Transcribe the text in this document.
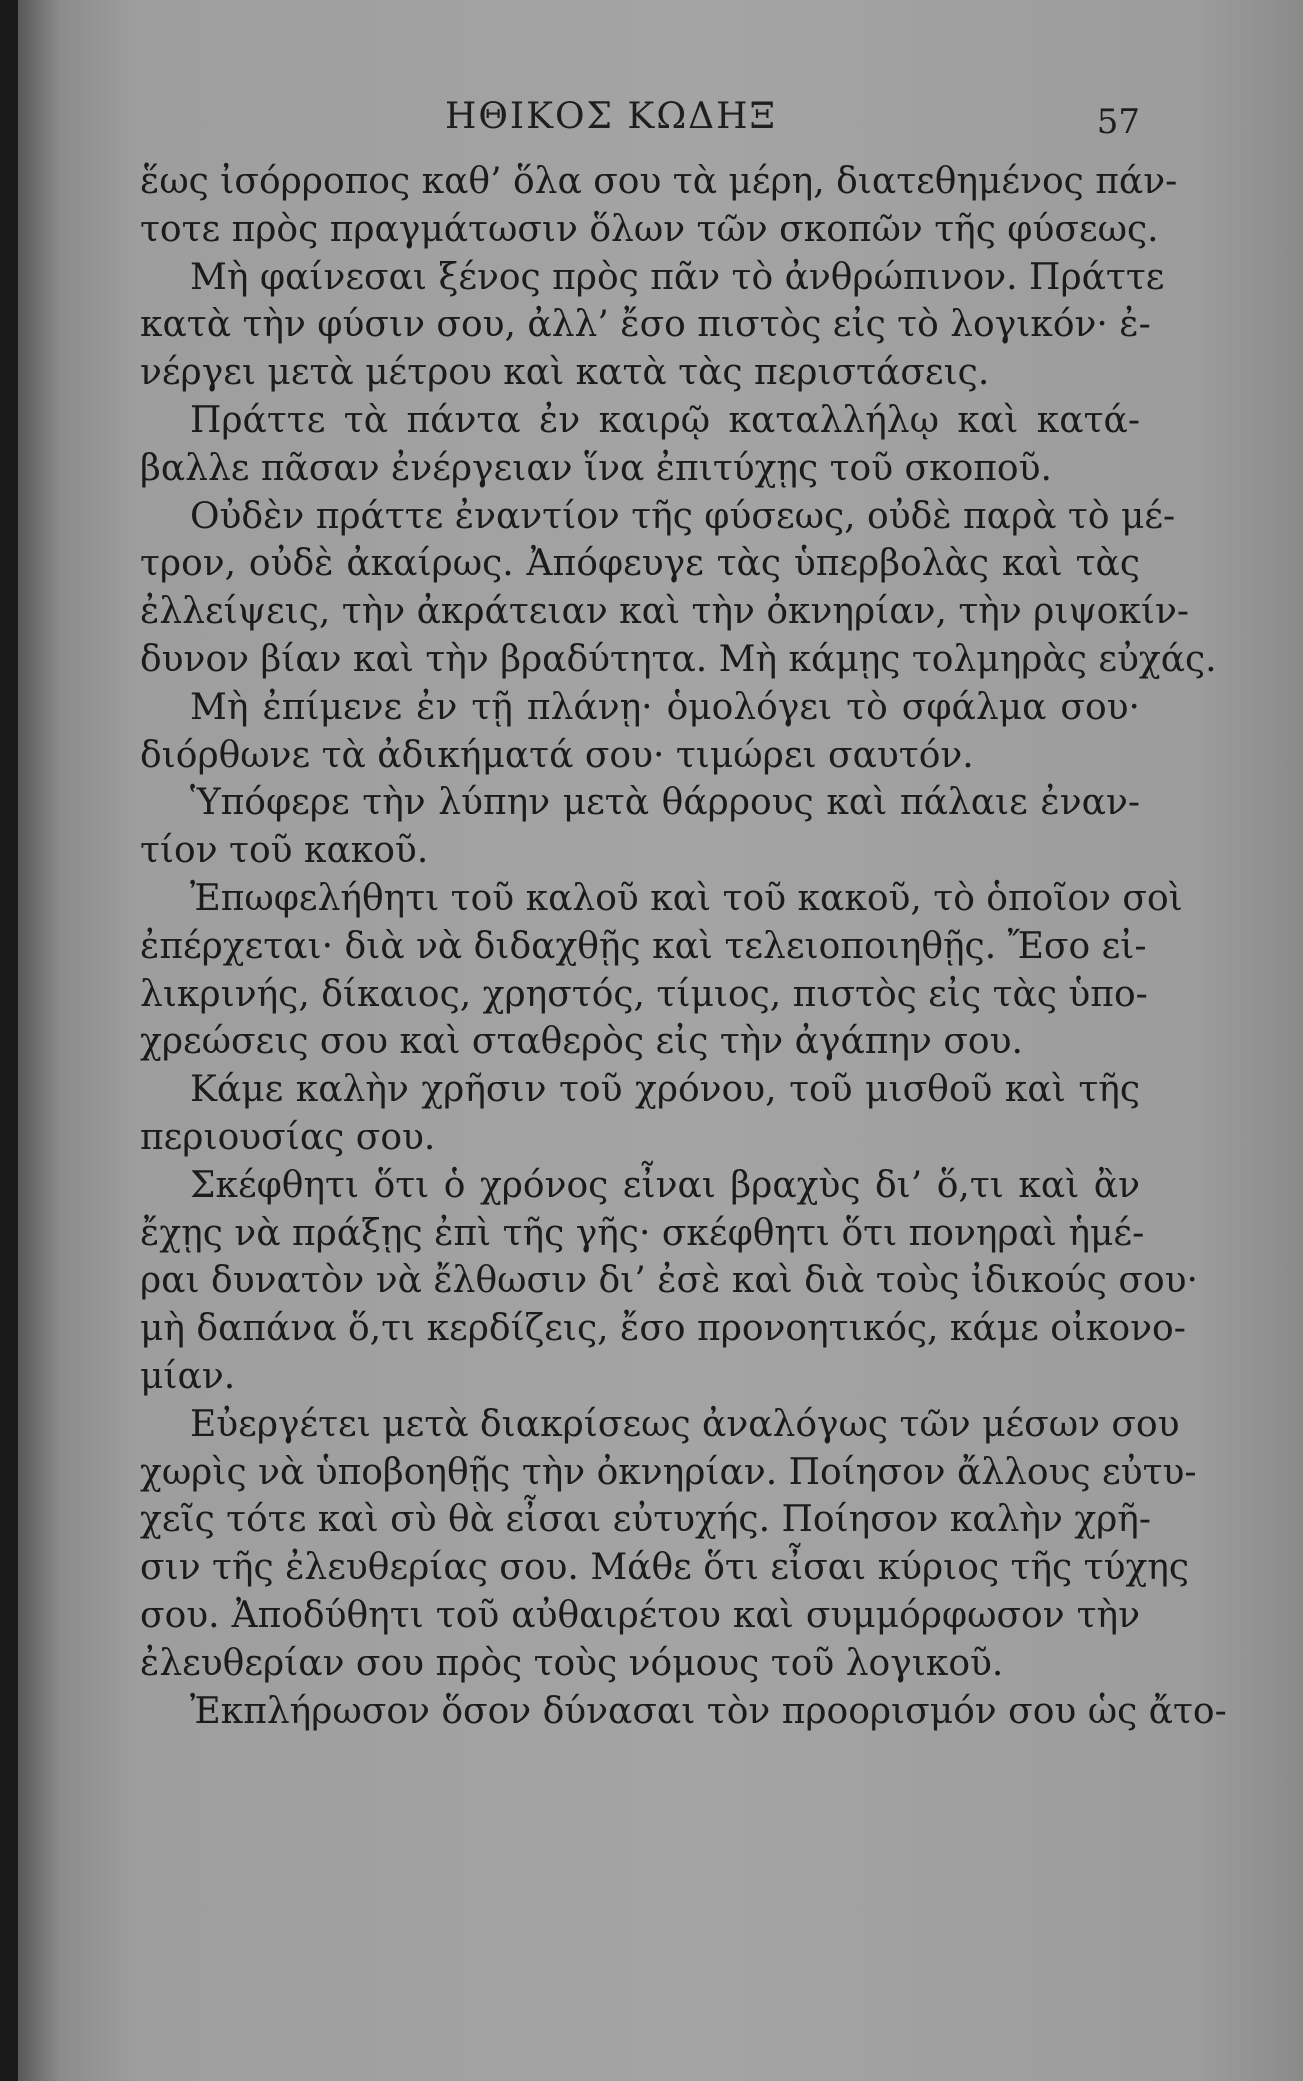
ΗΘΙΚΟΣ ΚΩΔΗΞ	57
ἕως ἰσόρροπος καθ’ ὅλα σου τὰ μέρη, διατεθημένος πάν-
τοτε πρὸς πραγμάτωσιν ὅλων τῶν σκοπῶν τῆς φύσεως.
Μὴ φαίνεσαι ξένος πρὸς πᾶν τὸ ἀνθρώπινον. Πράττε
κατὰ τὴν φύσιν σου, ἀλλ’ ἔσο πιστὸς εἰς τὸ λογικόν· ἐ-
νέργει μετὰ μέτρου καὶ κατὰ τὰς περιστάσεις.
Πράττε τὰ πάντα ἐν καιρῷ καταλλήλῳ καὶ κατά-
βαλλε πᾶσαν ἐνέργειαν ἵνα ἐπιτύχῃς τοῦ σκοποῦ.
Οὐδὲν πράττε ἐναντίον τῆς φύσεως, οὐδὲ παρὰ τὸ μέ-
τρον, οὐδὲ ἀκαίρως. Ἀπόφευγε τὰς ὑπερβολὰς καὶ τὰς
ἐλλείψεις, τὴν ἀκράτειαν καὶ τὴν ὀκνηρίαν, τὴν ριψοκίν-
δυνον βίαν καὶ τὴν βραδύτητα. Μὴ κάμῃς τολμηρὰς εὐχάς.
Μὴ ἐπίμενε ἐν τῇ πλάνῃ· ὁμολόγει τὸ σφάλμα σου·
διόρθωνε τὰ ἀδικήματά σου· τιμώρει σαυτόν.
Ὑπόφερε τὴν λύπην μετὰ θάρρους καὶ πάλαιε ἐναν-
τίον τοῦ κακοῦ.
Ἐπωφελήθητι τοῦ καλοῦ καὶ τοῦ κακοῦ, τὸ ὁποῖον σοὶ
ἐπέρχεται· διὰ νὰ διδαχθῇς καὶ τελειοποιηθῇς. Ἔσο εἰ-
λικρινής, δίκαιος, χρηστός, τίμιος, πιστὸς εἰς τὰς ὑπο-
χρεώσεις σου καὶ σταθερὸς εἰς τὴν ἀγάπην σου.
Κάμε καλὴν χρῆσιν τοῦ χρόνου, τοῦ μισθοῦ καὶ τῆς
περιουσίας σου.
Σκέφθητι ὅτι ὁ χρόνος εἶναι βραχὺς δι’ ὅ,τι καὶ ἂν
ἔχῃς νὰ πράξῃς ἐπὶ τῆς γῆς· σκέφθητι ὅτι πονηραὶ ἡμέ-
ραι δυνατὸν νὰ ἔλθωσιν δι’ ἐσὲ καὶ διὰ τοὺς ἰδικούς σου·
μὴ δαπάνα ὅ,τι κερδίζεις, ἔσο προνοητικός, κάμε οἰκονο-
μίαν.
Εὐεργέτει μετὰ διακρίσεως ἀναλόγως τῶν μέσων σου
χωρὶς νὰ ὑποβοηθῇς τὴν ὀκνηρίαν. Ποίησον ἄλλους εὐτυ-
χεῖς τότε καὶ σὺ θὰ εἶσαι εὐτυχής. Ποίησον καλὴν χρῆ-
σιν τῆς ἐλευθερίας σου. Μάθε ὅτι εἶσαι κύριος τῆς τύχης
σου. Ἀποδύθητι τοῦ αὐθαιρέτου καὶ συμμόρφωσον τὴν
ἐλευθερίαν σου πρὸς τοὺς νόμους τοῦ λογικοῦ.
Ἐκπλήρωσον ὅσον δύνασαι τὸν προορισμόν σου ὡς ἄτο-
